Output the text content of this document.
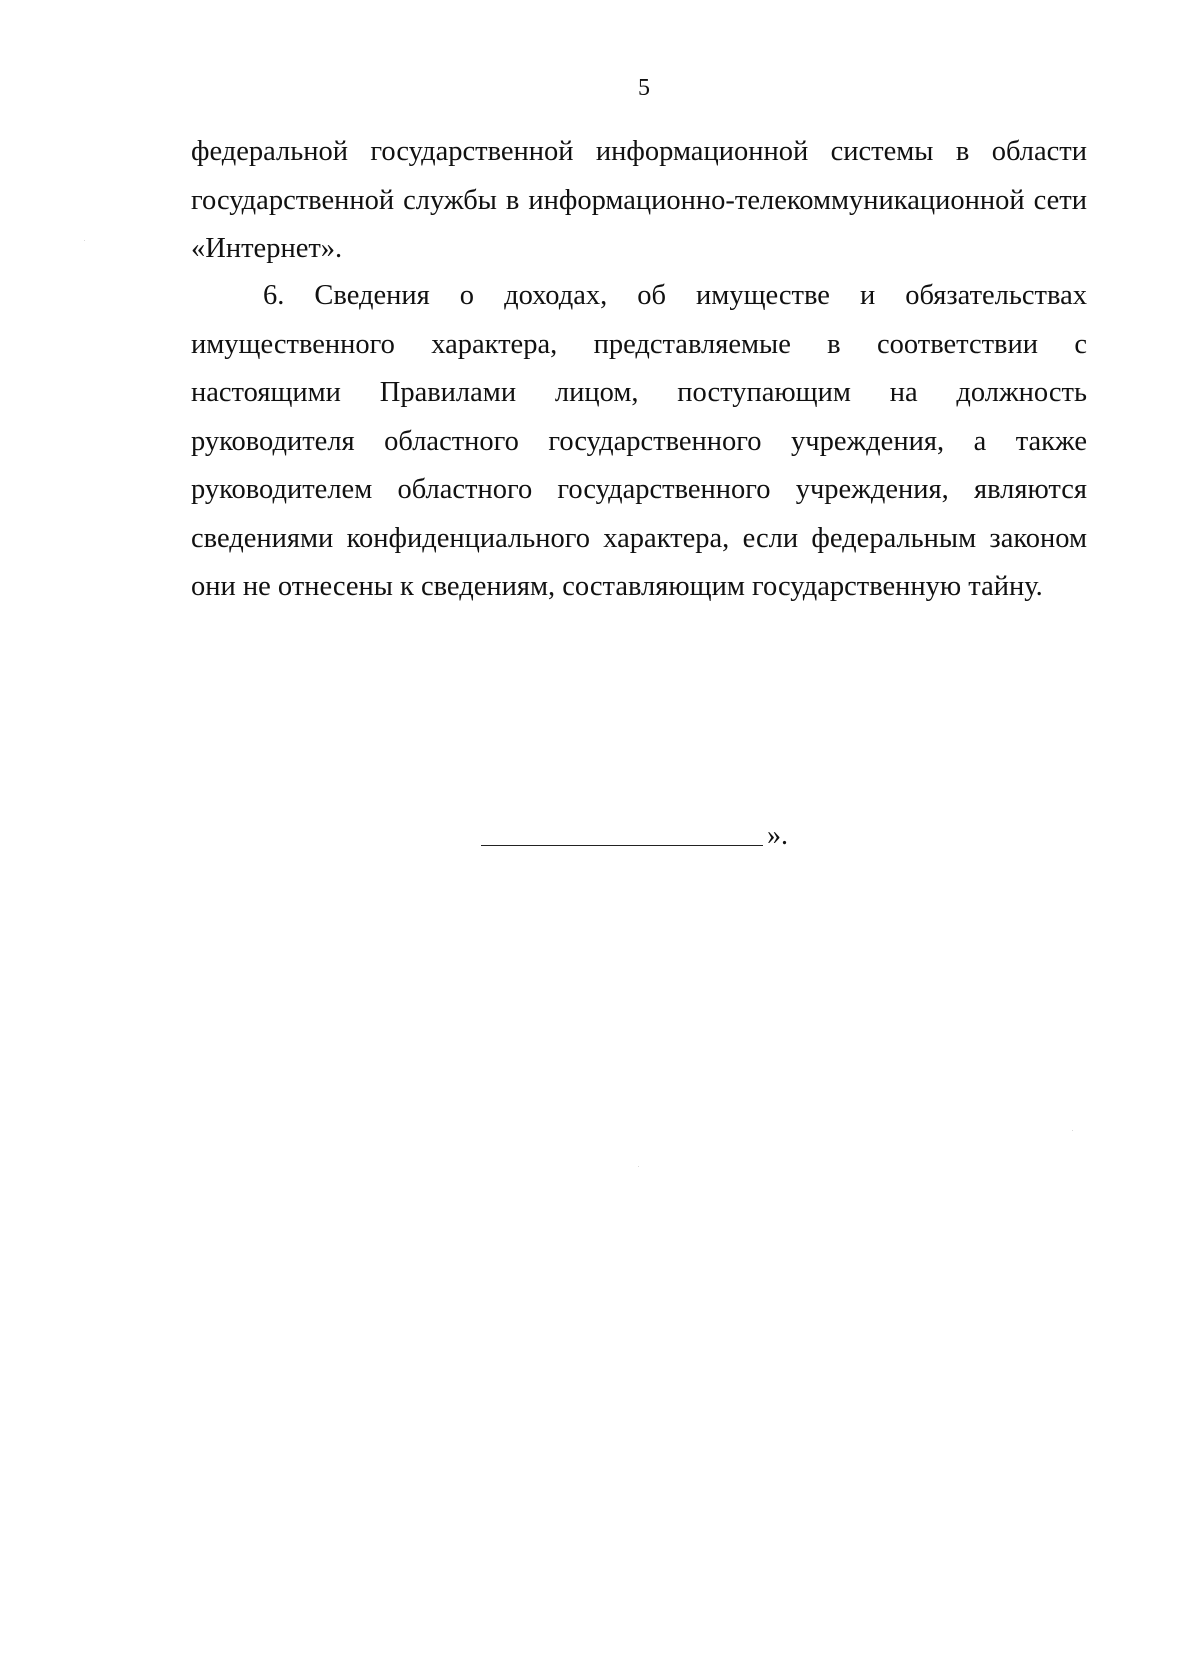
5
федеральной государственной информационной системы в области
государственной службы в информационно-телекоммуникационной сети
«Интернет».
6. Сведения о доходах, об имуществе и обязательствах
имущественного характера, представляемые в соответствии с
настоящими Правилами лицом, поступающим на должность
руководителя областного государственного учреждения, а также
руководителем областного государственного учреждения, являются
сведениями конфиденциального характера, если федеральным законом
они не отнесены к сведениям, составляющим государственную тайну.
».
